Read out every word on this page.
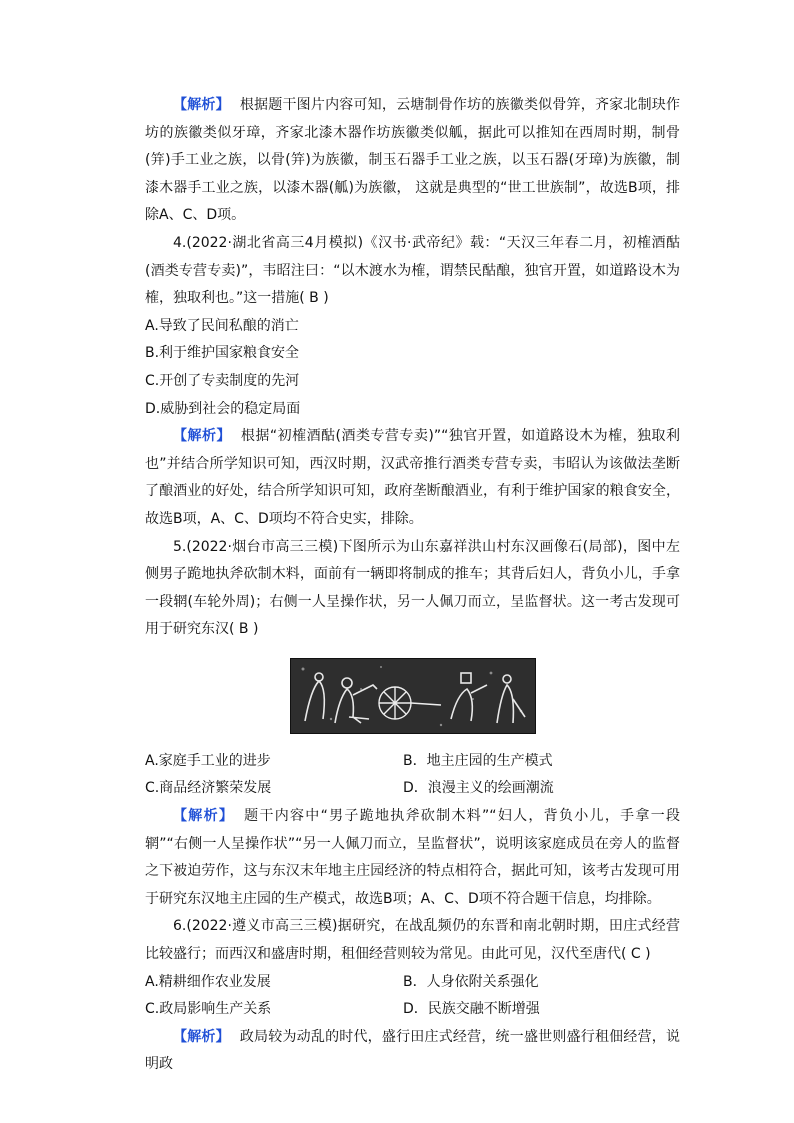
【解析】 根据题干图片内容可知，云塘制骨作坊的族徽类似骨笄，齐家北制玦作坊的族徽类似牙璋，齐家北漆木器作坊族徽类似觚，据此可以推知在西周时期，制骨(笄)手工业之族，以骨(笄)为族徽，制玉石器手工业之族，以玉石器(牙璋)为族徽，制漆木器手工业之族，以漆木器(觚)为族徽， 这就是典型的“世工世族制”，故选B项，排除A、C、D项。

4.(2022·湖北省高三4月模拟)《汉书·武帝纪》载：“天汉三年春二月，初榷酒酤(酒类专营专卖)”，韦昭注曰：“以木渡水为榷，谓禁民酤酿，独官开置，如道路设木为榷，独取利也。”这一措施( B )

A.导致了民间私酿的消亡
B.利于维护国家粮食安全
C.开创了专卖制度的先河
D.威胁到社会的稳定局面

【解析】 根据“初榷酒酤(酒类专营专卖)”“独官开置，如道路设木为榷，独取利也”并结合所学知识可知，西汉时期，汉武帝推行酒类专营专卖，韦昭认为该做法垄断了酿酒业的好处，结合所学知识可知，政府垄断酿酒业，有利于维护国家的粮食安全，故选B项，A、C、D项均不符合史实，排除。

5.(2022·烟台市高三三模)下图所示为山东嘉祥洪山村东汉画像石(局部)，图中左侧男子跪地执斧砍制木料，面前有一辆即将制成的推车；其背后妇人，背负小儿，手拿一段辋(车轮外周)；右侧一人呈操作状，另一人佩刀而立，呈监督状。这一考古发现可用于研究东汉( B )

A.家庭手工业的进步	B．地主庄园的生产模式
C.商品经济繁荣发展	D．浪漫主义的绘画潮流

【解析】 题干内容中“男子跪地执斧砍制木料”“妇人，背负小儿，手拿一段辋”“右侧一人呈操作状”“另一人佩刀而立，呈监督状”，说明该家庭成员在旁人的监督之下被迫劳作，这与东汉末年地主庄园经济的特点相符合，据此可知，该考古发现可用于研究东汉地主庄园的生产模式，故选B项；A、C、D项不符合题干信息，均排除。

6.(2022·遵义市高三三模)据研究，在战乱频仍的东晋和南北朝时期，田庄式经营比较盛行；而西汉和盛唐时期，租佃经营则较为常见。由此可见，汉代至唐代( C )

A.精耕细作农业发展	B．人身依附关系强化
C.政局影响生产关系	D．民族交融不断增强

【解析】 政局较为动乱的时代，盛行田庄式经营，统一盛世则盛行租佃经营，说明政
